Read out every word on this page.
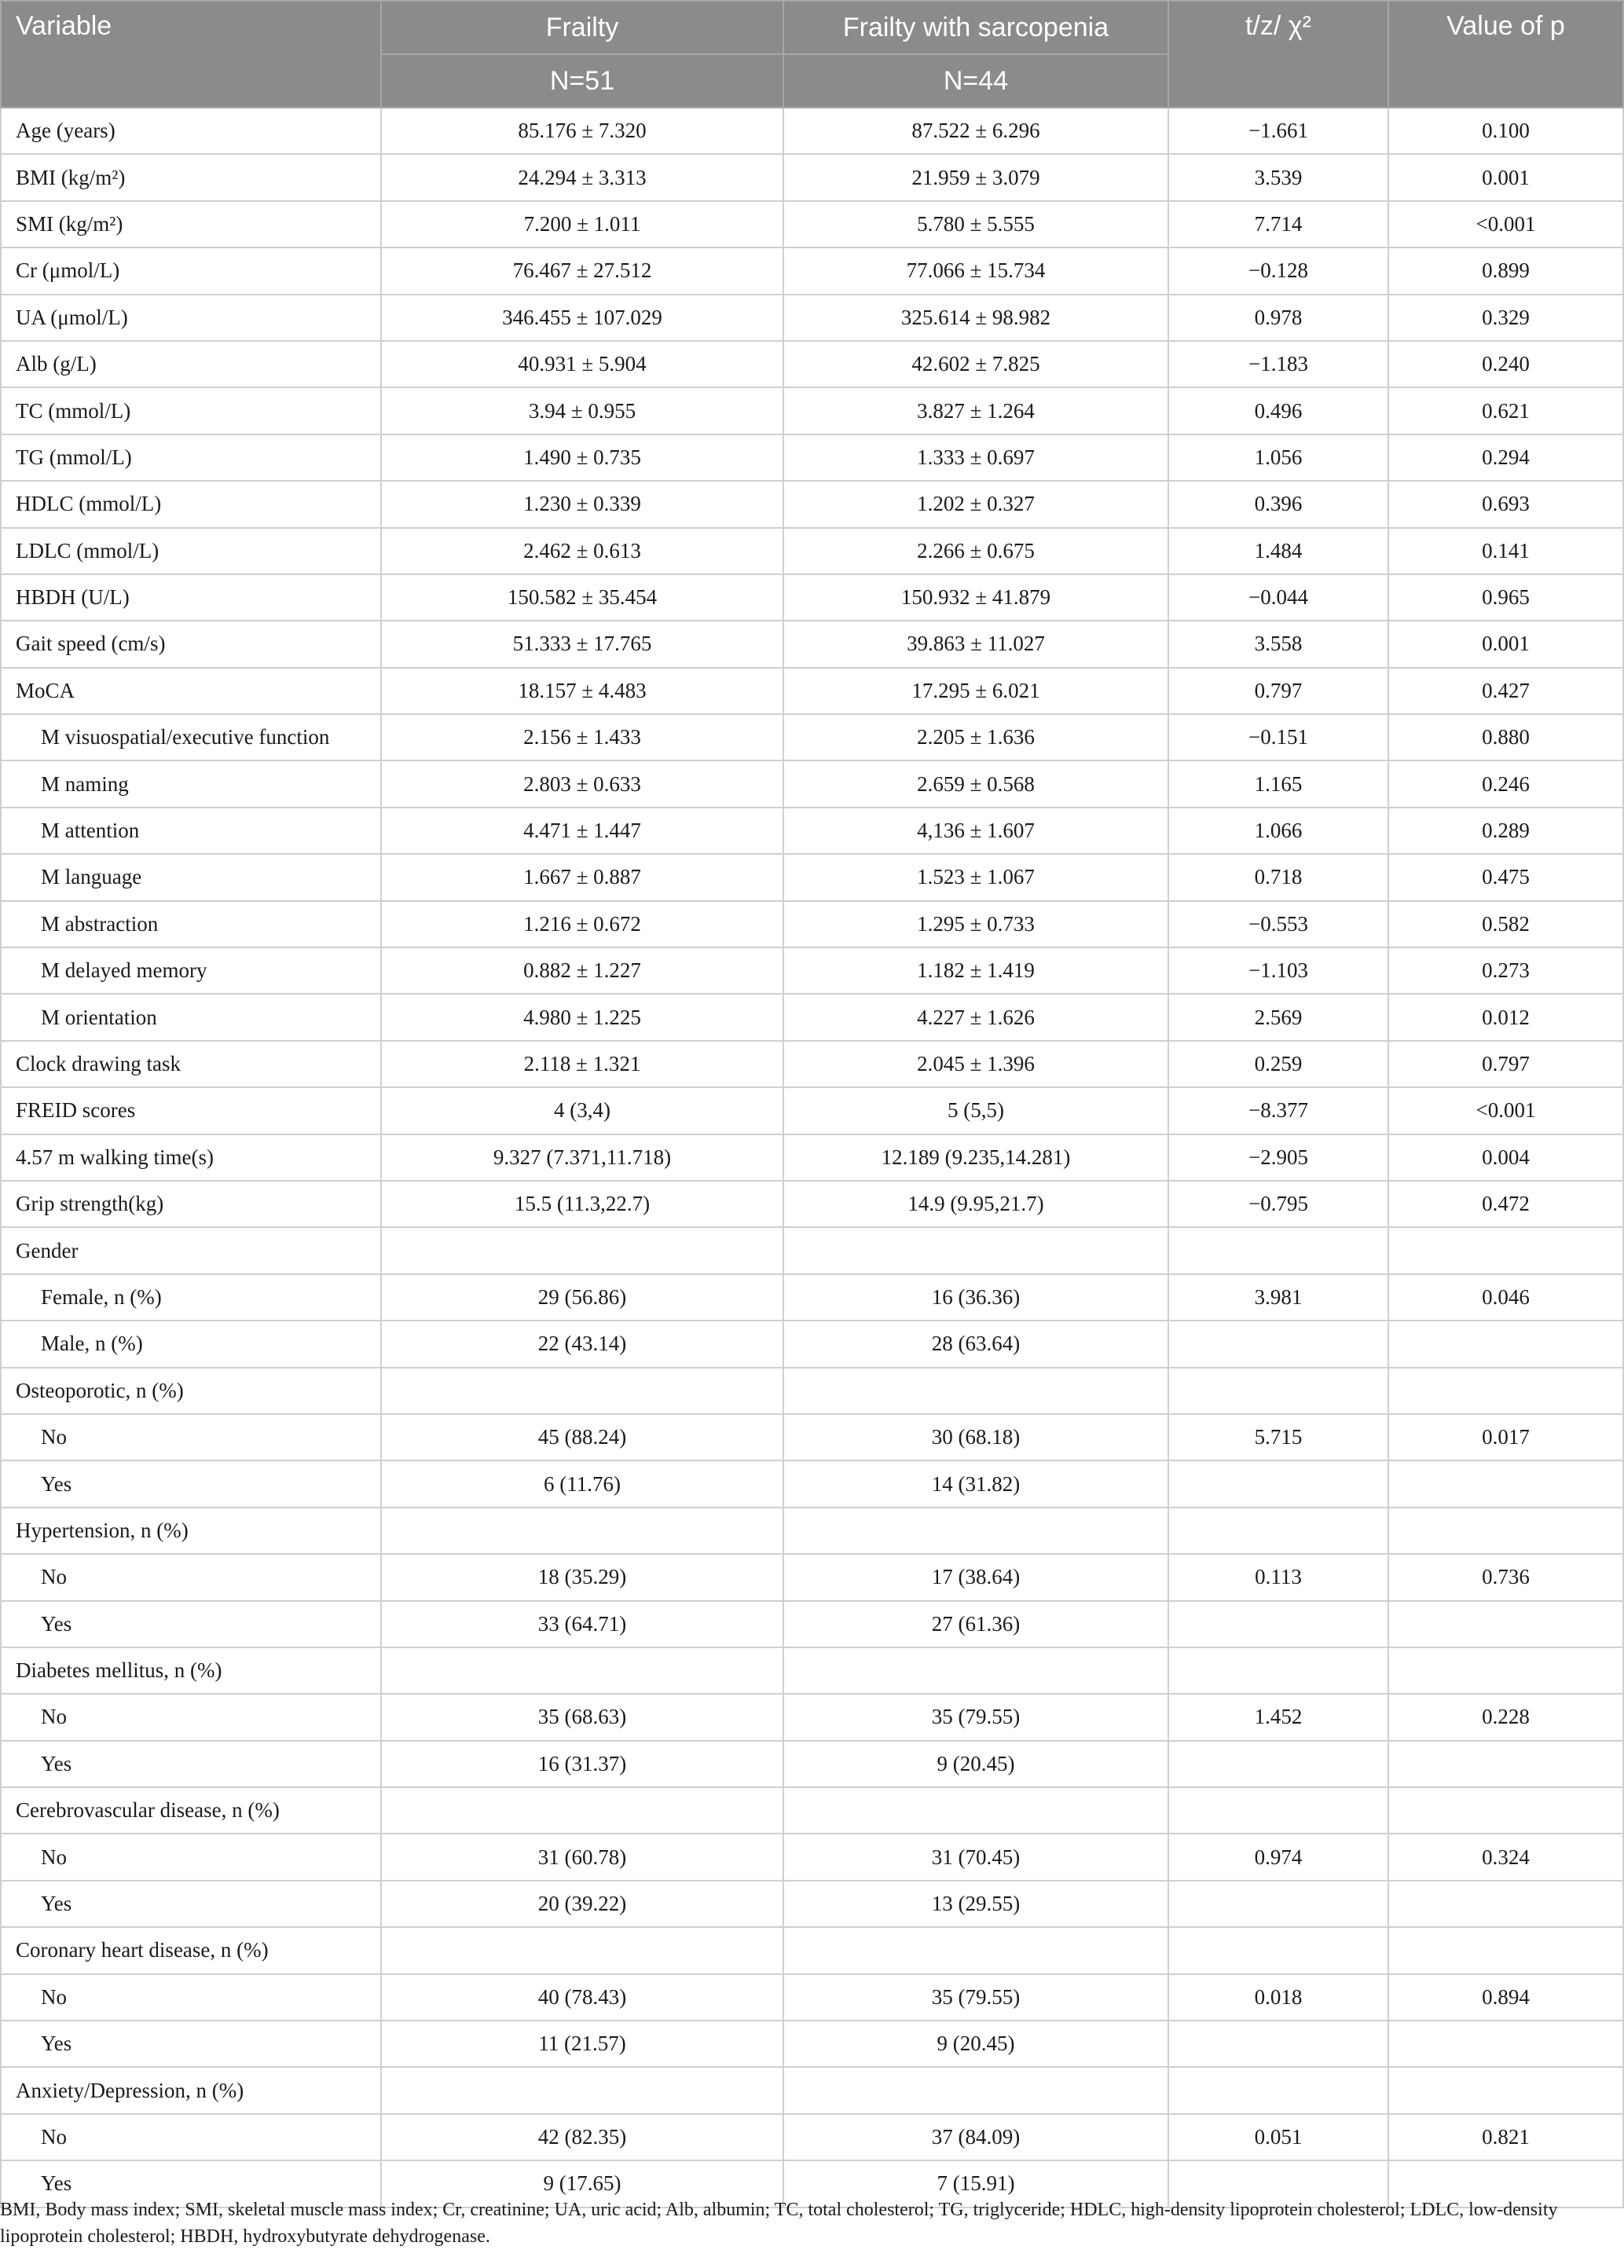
Variable	Frailty	Frailty with sarcopenia	t/z/ χ²	Value of p
	N=51	N=44		
Age (years)	85.176 ± 7.320	87.522 ± 6.296	−1.661	0.100
BMI (kg/m²)	24.294 ± 3.313	21.959 ± 3.079	3.539	0.001
SMI (kg/m²)	7.200 ± 1.011	5.780 ± 5.555	7.714	<0.001
Cr (μmol/L)	76.467 ± 27.512	77.066 ± 15.734	−0.128	0.899
UA (μmol/L)	346.455 ± 107.029	325.614 ± 98.982	0.978	0.329
Alb (g/L)	40.931 ± 5.904	42.602 ± 7.825	−1.183	0.240
TC (mmol/L)	3.94 ± 0.955	3.827 ± 1.264	0.496	0.621
TG (mmol/L)	1.490 ± 0.735	1.333 ± 0.697	1.056	0.294
HDLC (mmol/L)	1.230 ± 0.339	1.202 ± 0.327	0.396	0.693
LDLC (mmol/L)	2.462 ± 0.613	2.266 ± 0.675	1.484	0.141
HBDH (U/L)	150.582 ± 35.454	150.932 ± 41.879	−0.044	0.965
Gait speed (cm/s)	51.333 ± 17.765	39.863 ± 11.027	3.558	0.001
MoCA	18.157 ± 4.483	17.295 ± 6.021	0.797	0.427
M visuospatial/executive function	2.156 ± 1.433	2.205 ± 1.636	−0.151	0.880
M naming	2.803 ± 0.633	2.659 ± 0.568	1.165	0.246
M attention	4.471 ± 1.447	4,136 ± 1.607	1.066	0.289
M language	1.667 ± 0.887	1.523 ± 1.067	0.718	0.475
M abstraction	1.216 ± 0.672	1.295 ± 0.733	−0.553	0.582
M delayed memory	0.882 ± 1.227	1.182 ± 1.419	−1.103	0.273
M orientation	4.980 ± 1.225	4.227 ± 1.626	2.569	0.012
Clock drawing task	2.118 ± 1.321	2.045 ± 1.396	0.259	0.797
FREID scores	4 (3,4)	5 (5,5)	−8.377	<0.001
4.57 m walking time(s)	9.327 (7.371,11.718)	12.189 (9.235,14.281)	−2.905	0.004
Grip strength(kg)	15.5 (11.3,22.7)	14.9 (9.95,21.7)	−0.795	0.472
Gender				
Female, n (%)	29 (56.86)	16 (36.36)	3.981	0.046
Male, n (%)	22 (43.14)	28 (63.64)		
Osteoporotic, n (%)				
No	45 (88.24)	30 (68.18)	5.715	0.017
Yes	6 (11.76)	14 (31.82)		
Hypertension, n (%)				
No	18 (35.29)	17 (38.64)	0.113	0.736
Yes	33 (64.71)	27 (61.36)		
Diabetes mellitus, n (%)				
No	35 (68.63)	35 (79.55)	1.452	0.228
Yes	16 (31.37)	9 (20.45)		
Cerebrovascular disease, n (%)				
No	31 (60.78)	31 (70.45)	0.974	0.324
Yes	20 (39.22)	13 (29.55)		
Coronary heart disease, n (%)				
No	40 (78.43)	35 (79.55)	0.018	0.894
Yes	11 (21.57)	9 (20.45)		
Anxiety/Depression, n (%)				
No	42 (82.35)	37 (84.09)	0.051	0.821
Yes	9 (17.65)	7 (15.91)		

BMI, Body mass index; SMI, skeletal muscle mass index; Cr, creatinine; UA, uric acid; Alb, albumin; TC, total cholesterol; TG, triglyceride; HDLC, high-density lipoprotein cholesterol; LDLC, low-density lipoprotein cholesterol; HBDH, hydroxybutyrate dehydrogenase.
